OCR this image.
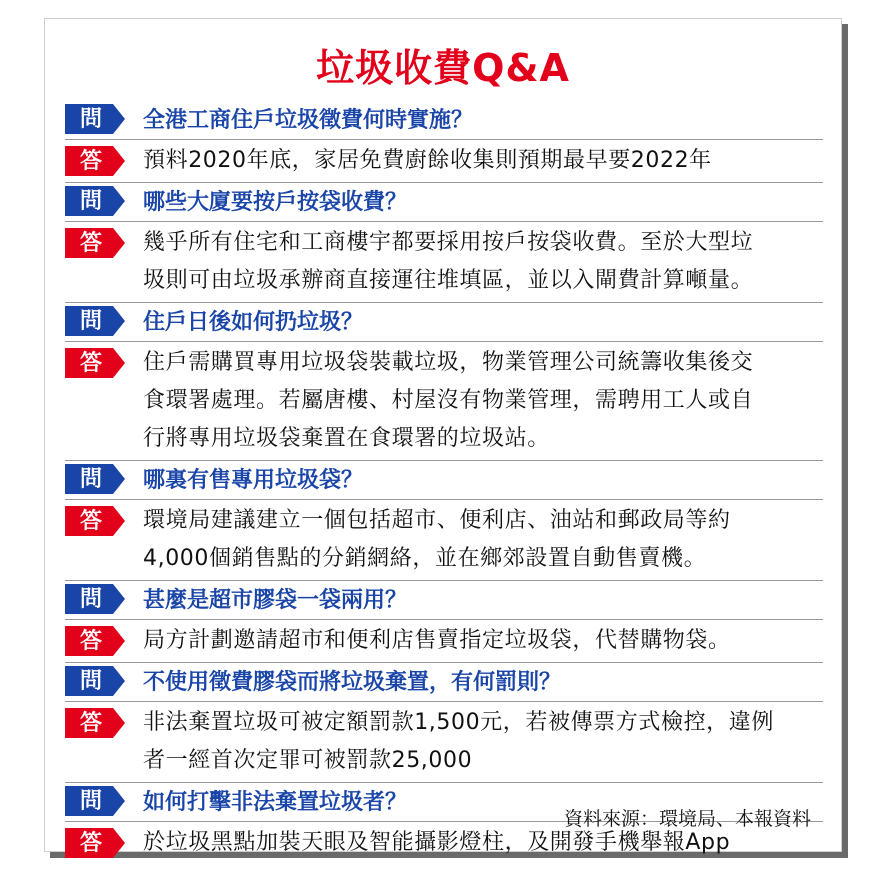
垃圾收費Q&A
問	全港工商住戶垃圾徵費何時實施？
答	預料2020年底，家居免費廚餘收集則預期最早要2022年
問	哪些大廈要按戶按袋收費？
答	幾乎所有住宅和工商樓宇都要採用按戶按袋收費。至於大型垃
圾則可由垃圾承辦商直接運往堆填區，並以入閘費計算噸量。
問	住戶日後如何扔垃圾？
答	住戶需購買專用垃圾袋裝載垃圾，物業管理公司統籌收集後交
食環署處理。若屬唐樓、村屋沒有物業管理，需聘用工人或自
行將專用垃圾袋棄置在食環署的垃圾站。
問	哪裏有售專用垃圾袋？
答	環境局建議建立一個包括超市、便利店、油站和郵政局等約
4,000個銷售點的分銷網絡，並在鄉郊設置自動售賣機。
問	甚麼是超市膠袋一袋兩用？
答	局方計劃邀請超市和便利店售賣指定垃圾袋，代替購物袋。
問	不使用徵費膠袋而將垃圾棄置，有何罰則？
答	非法棄置垃圾可被定額罰款1,500元，若被傳票方式檢控，違例
者一經首次定罪可被罰款25,000
問	如何打擊非法棄置垃圾者？
答	於垃圾黑點加裝天眼及智能攝影燈柱，及開發手機舉報App
資料來源：環境局、本報資料
